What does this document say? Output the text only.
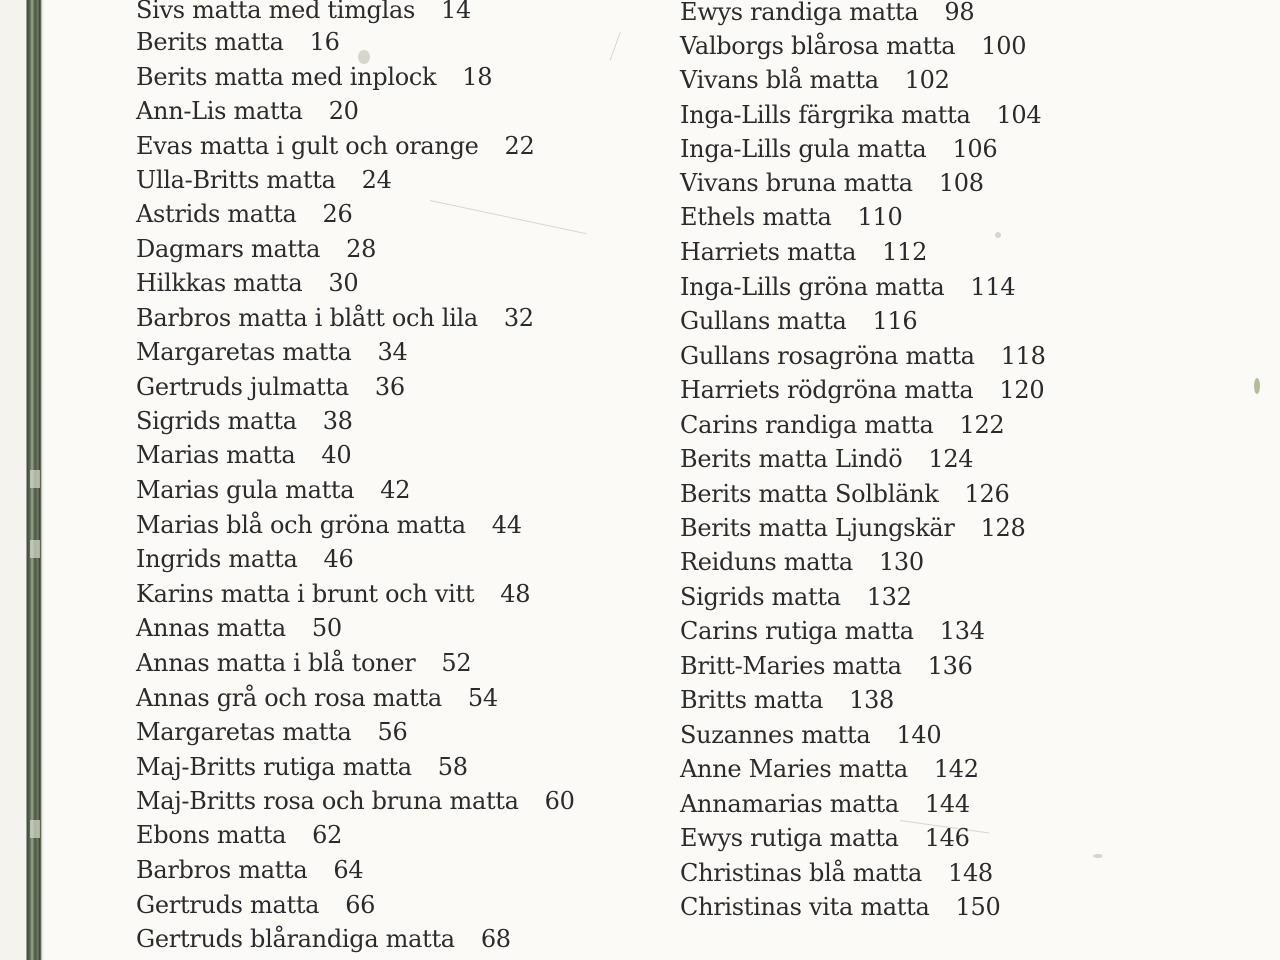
Sivs matta med timglas 14
Berits matta 16
Berits matta med inplock 18
Ann-Lis matta 20
Evas matta i gult och orange 22
Ulla-Britts matta 24
Astrids matta 26
Dagmars matta 28
Hilkkas matta 30
Barbros matta i blått och lila 32
Margaretas matta 34
Gertruds julmatta 36
Sigrids matta 38
Marias matta 40
Marias gula matta 42
Marias blå och gröna matta 44
Ingrids matta 46
Karins matta i brunt och vitt 48
Annas matta 50
Annas matta i blå toner 52
Annas grå och rosa matta 54
Margaretas matta 56
Maj-Britts rutiga matta 58
Maj-Britts rosa och bruna matta 60
Ebons matta 62
Barbros matta 64
Gertruds matta 66
Gertruds blårandiga matta 68
Ewys randiga matta 98
Valborgs blårosa matta 100
Vivans blå matta 102
Inga-Lills färgrika matta 104
Inga-Lills gula matta 106
Vivans bruna matta 108
Ethels matta 110
Harriets matta 112
Inga-Lills gröna matta 114
Gullans matta 116
Gullans rosagröna matta 118
Harriets rödgröna matta 120
Carins randiga matta 122
Berits matta Lindö 124
Berits matta Solblänk 126
Berits matta Ljungskär 128
Reiduns matta 130
Sigrids matta 132
Carins rutiga matta 134
Britt-Maries matta 136
Britts matta 138
Suzannes matta 140
Anne Maries matta 142
Annamarias matta 144
Ewys rutiga matta 146
Christinas blå matta 148
Christinas vita matta 150
